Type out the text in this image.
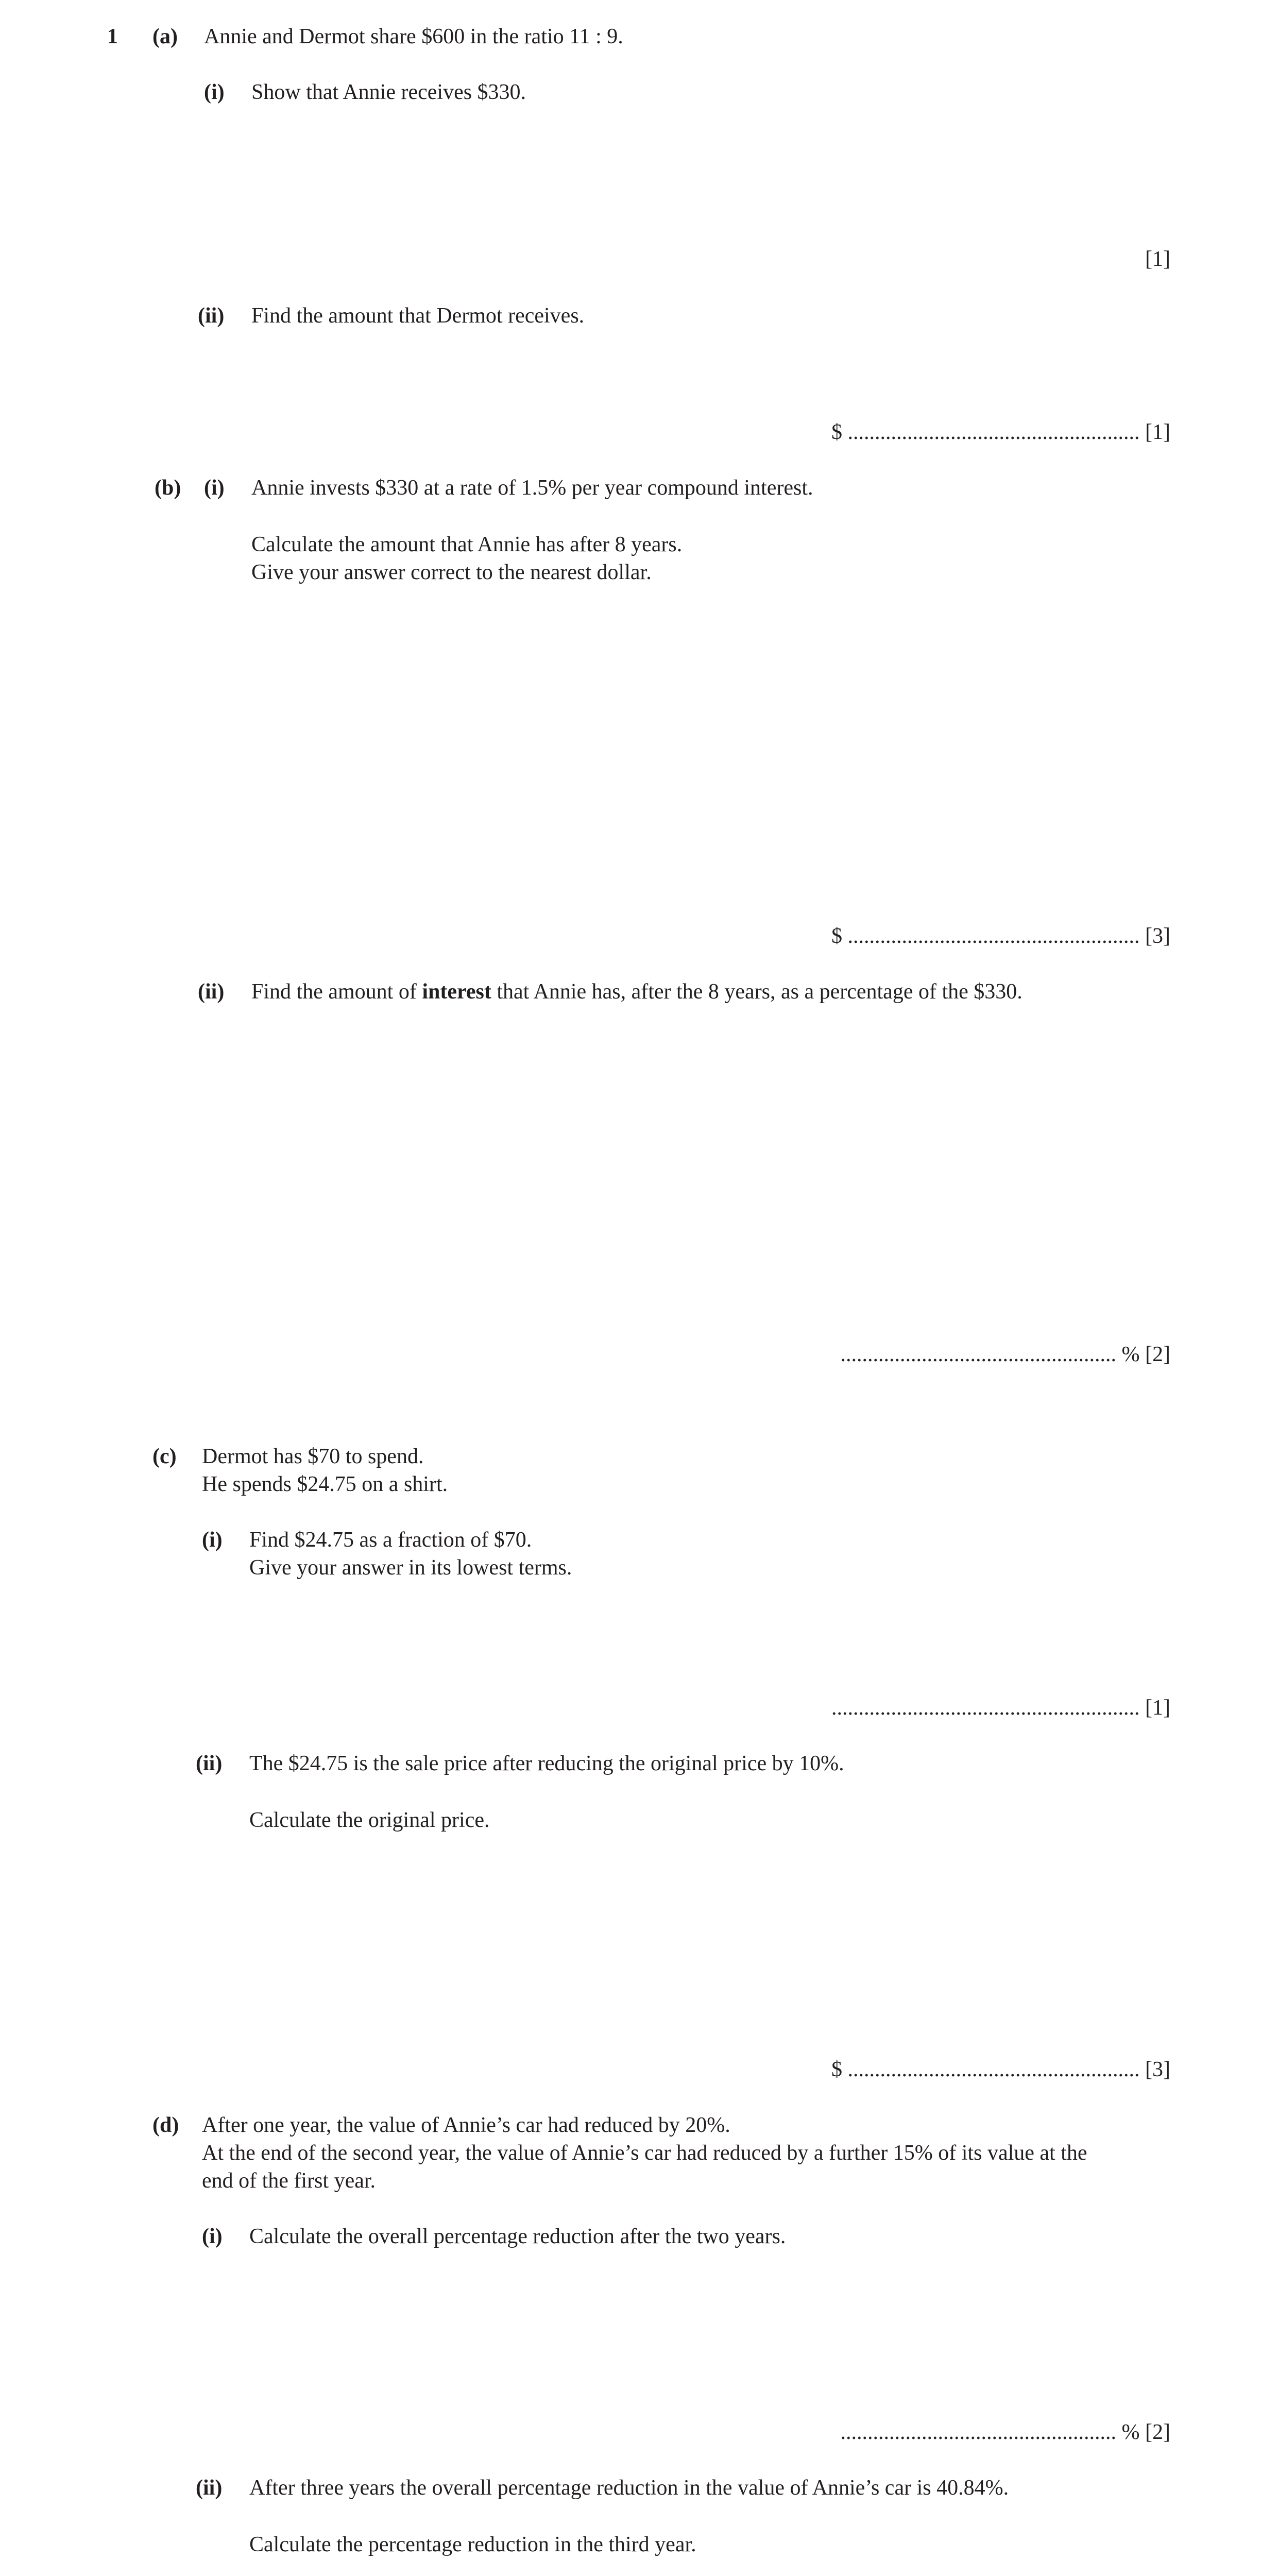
1 (a) Annie and Dermot share $600 in the ratio 11 : 9.

(i) Show that Annie receives $330.

[1]

(ii) Find the amount that Dermot receives.

$ ...................................................... [1]

(b) (i) Annie invests $330 at a rate of 1.5% per year compound interest.

Calculate the amount that Annie has after 8 years.

Give your answer correct to the nearest dollar.

$ ...................................................... [3]

(ii) Find the amount of interest that Annie has, after the 8 years, as a percentage of the $330.

................................................... % [2]

(c) Dermot has $70 to spend.

He spends $24.75 on a shirt.

(i) Find $24.75 as a fraction of $70.

Give your answer in its lowest terms.

......................................................... [1]

(ii) The $24.75 is the sale price after reducing the original price by 10%.

Calculate the original price.

$ ...................................................... [3]

(d) After one year, the value of Annie’s car had reduced by 20%.

At the end of the second year, the value of Annie’s car had reduced by a further 15% of its value at the

end of the first year.

(i) Calculate the overall percentage reduction after the two years.

................................................... % [2]

(ii) After three years the overall percentage reduction in the value of Annie’s car is 40.84%.

Calculate the percentage reduction in the third year.
